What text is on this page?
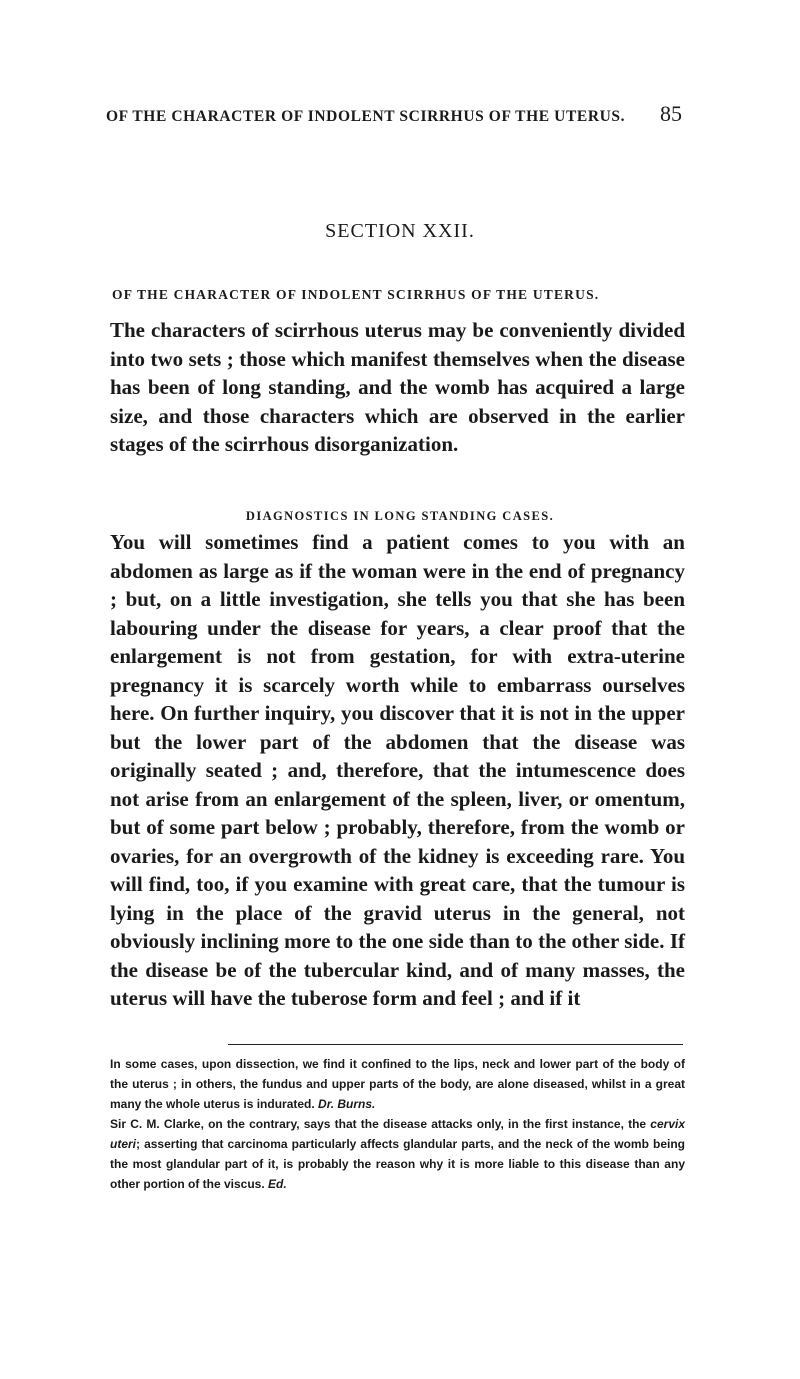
OF THE CHARACTER OF INDOLENT SCIRRHUS OF THE UTERUS.	85
SECTION XXII.
OF THE CHARACTER OF INDOLENT SCIRRHUS OF THE UTERUS.

The characters of scirrhous uterus may be conveniently divided into two sets ; those which manifest themselves when the disease has been of long standing, and the womb has acquired a large size, and those characters which are observed in the earlier stages of the scirrhous disorganization.

DIAGNOSTICS IN LONG STANDING CASES.

You will sometimes find a patient comes to you with an abdomen as large as if the woman were in the end of pregnancy ; but, on a little investigation, she tells you that she has been labouring under the disease for years, a clear proof that the enlargement is not from gestation, for with extra-uterine pregnancy it is scarcely worth while to embarrass ourselves here. On further inquiry, you discover that it is not in the upper but the lower part of the abdomen that the disease was originally seated ; and, therefore, that the intumescence does not arise from an enlargement of the spleen, liver, or omentum, but of some part below ; probably, therefore, from the womb or ovaries, for an overgrowth of the kidney is exceeding rare. You will find, too, if you examine with great care, that the tumour is lying in the place of the gravid uterus in the general, not obviously inclining more to the one side than to the other side. If the disease be of the tubercular kind, and of many masses, the uterus will have the tuberose form and feel ; and if it

In some cases, upon dissection, we find it confined to the lips, neck and lower part of the body of the uterus ; in others, the fundus and upper parts of the body, are alone diseased, whilst in a great many the whole uterus is indurated. Dr. Burns.

Sir C. M. Clarke, on the contrary, says that the disease attacks only, in the first instance, the cervix uteri; asserting that carcinoma particularly affects glandular parts, and the neck of the womb being the most glandular part of it, is probably the reason why it is more liable to this disease than any other portion of the viscus. Ed.
